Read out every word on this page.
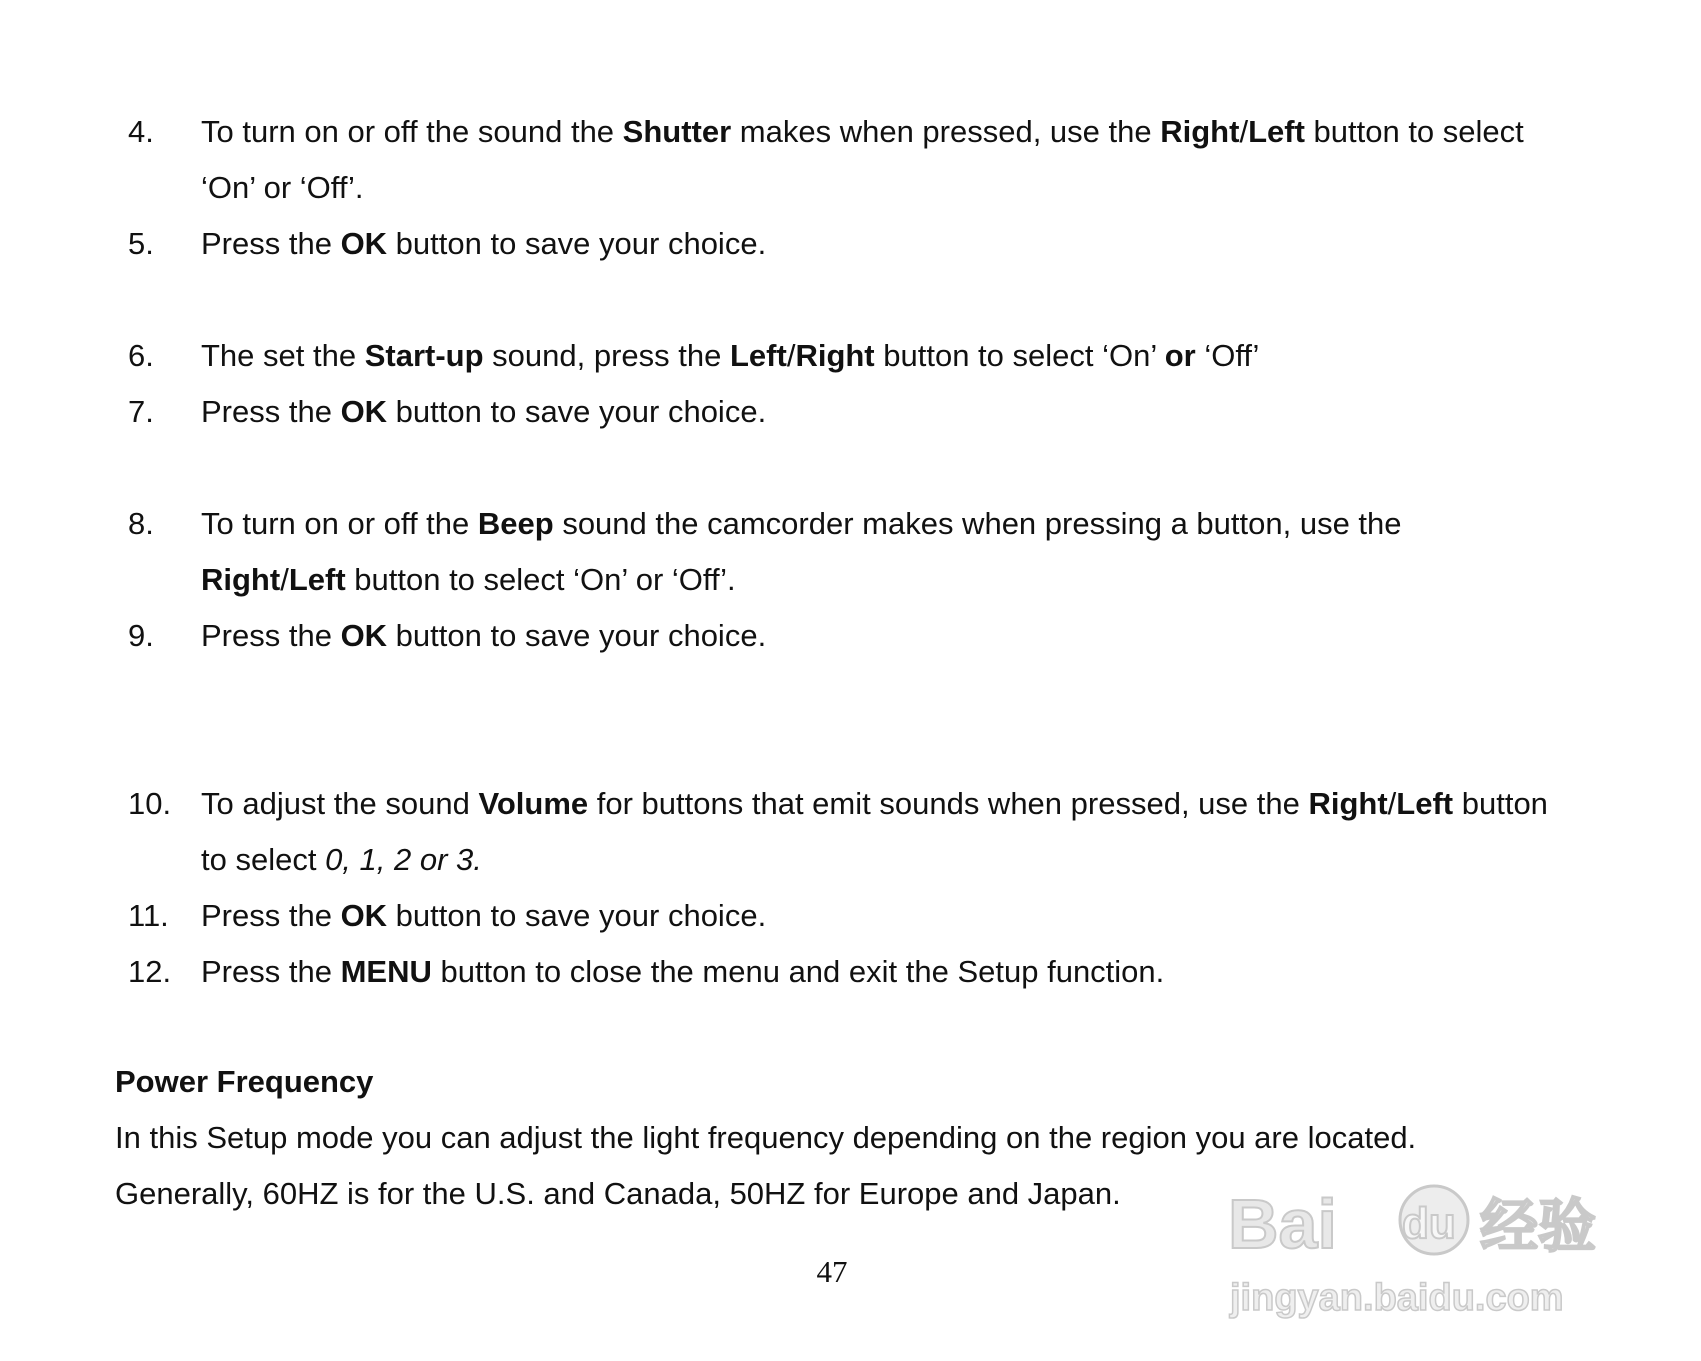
4.	To turn on or off the sound the Shutter makes when pressed, use the Right/Left button to select ‘On’ or ‘Off’.
5.	Press the OK button to save your choice.
6.	The set the Start-up sound, press the Left/Right button to select ‘On’ or ‘Off’
7.	Press the OK button to save your choice.
8.	To turn on or off the Beep sound the camcorder makes when pressing a button, use the Right/Left button to select ‘On’ or ‘Off’.
9.	Press the OK button to save your choice.
10. To adjust the sound Volume for buttons that emit sounds when pressed, use the Right/Left button to select 0, 1, 2 or 3.
11.	Press the OK button to save your choice.
12. Press the MENU button to close the menu and exit the Setup function.
Power Frequency
In this Setup mode you can adjust the light frequency depending on the region you are located. Generally, 60HZ is for the U.S. and Canada, 50HZ for Europe and Japan.
47
Bai du 经验
jingyan.baidu.com
